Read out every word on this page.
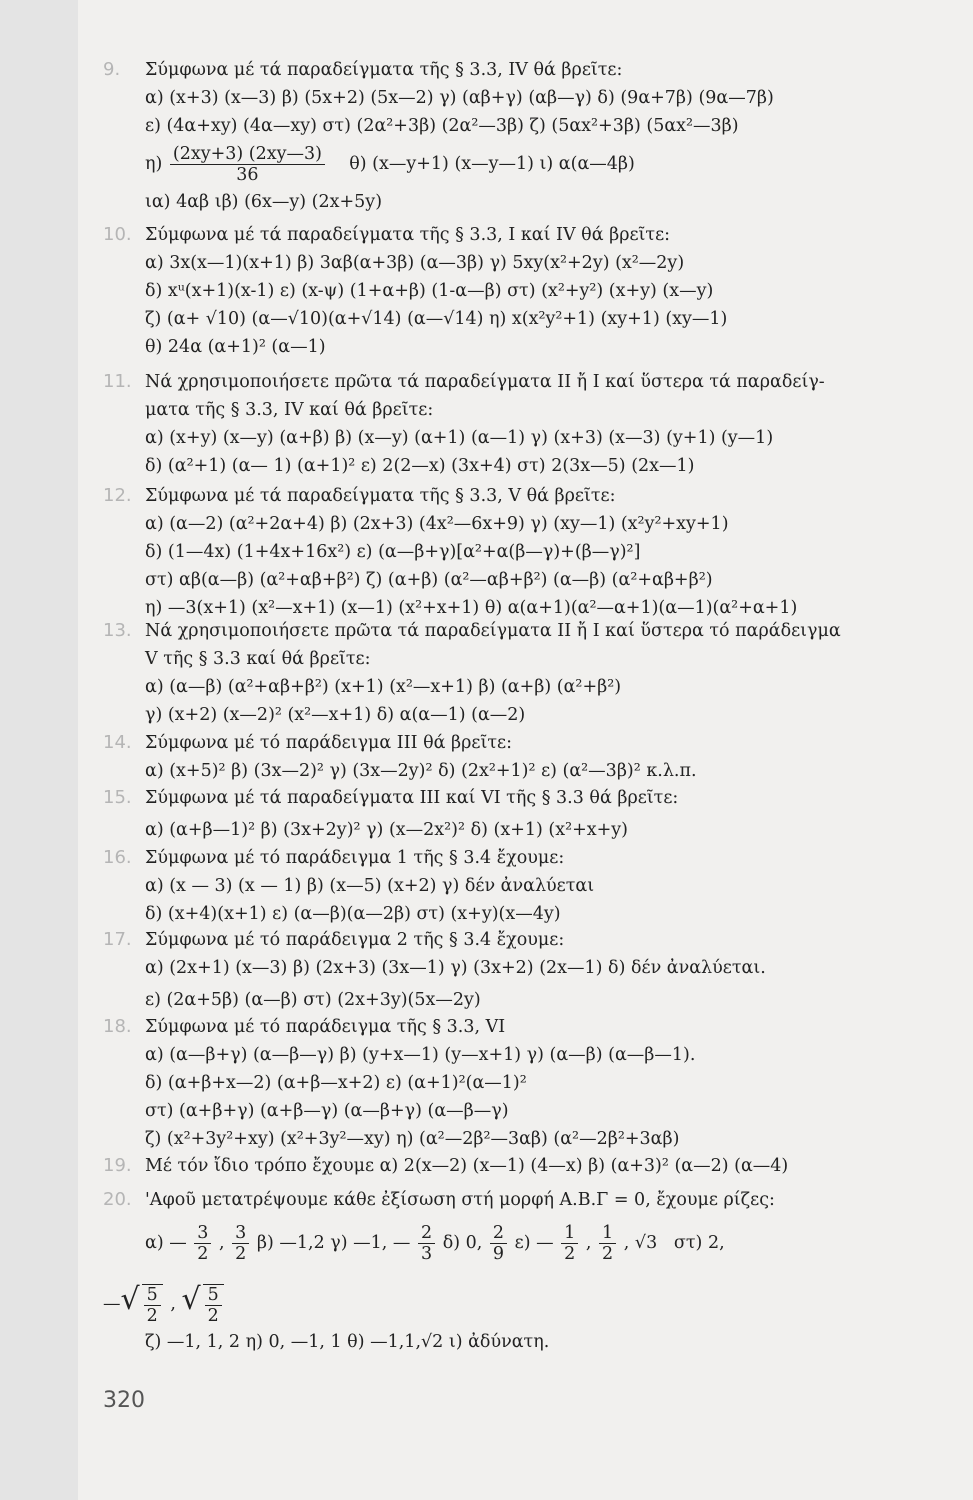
9.	Σύμφωνα μέ τά παραδείγματα τῆς § 3.3, IV θά βρεῖτε:
α) (x+3) (x—3) β) (5x+2) (5x—2) γ) (αβ+γ) (αβ—γ) δ) (9α+7β) (9α—7β)
ε) (4α+xy) (4α—xy) στ) (2α²+3β) (2α²—3β) ζ) (5αx²+3β) (5αx²—3β)
$\eta) \frac{(2xy+3) (2xy—3)}{36} \theta$) (x—y+1) (x—y—1) ι) α(α—4β)
ια) 4αβ ιβ) (6x—y) (2x+5y)
10. Σύμφωνα μέ τά παραδείγματα τῆς § 3.3, I καί IV θά βρεῖτε:
α) 3x(x—1)(x+1) β) 3αβ(α+3β) (α—3β) γ) 5xy(x²+2y) (x²—2y)
δ) xᵘ(x+1)(x-1) ε) (x-ψ) (1+α+β) (1-α—β) στ) (x²+y²) (x+y) (x—y)
ζ) (α+ √10) (α—√10)(α+√14) (α—√14) η) x(x²y²+1) (xy+1) (xy—1)
θ) 24α (α+1)² (α—1)
11. Νά χρησιμοποιήσετε πρῶτα τά παραδείγματα II ἤ I καί ὕστερα τά παραδείγ-
ματα τῆς § 3.3, IV καί θά βρεῖτε:
α) (x+y) (x—y) (α+β) β) (x—y) (α+1) (α—1) γ) (x+3) (x—3) (y+1) (y—1)
δ) (α²+1) (α— 1) (α+1)² ε) 2(2—x) (3x+4) στ) 2(3x—5) (2x—1)
12. Σύμφωνα μέ τά παραδείγματα τῆς § 3.3, V θά βρεῖτε:
α) (α—2) (α²+2α+4) β) (2x+3) (4x²—6x+9) γ) (xy—1) (x²y²+xy+1)
δ) (1—4x) (1+4x+16x²) ε) (α—β+γ)[α²+α(β—γ)+(β—γ)²]
στ) αβ(α—β) (α²+αβ+β²) ζ) (α+β) (α²—αβ+β²) (α—β) (α²+αβ+β²)
η) —3(x+1) (x²—x+1) (x—1) (x²+x+1) θ) α(α+1)(α²—α+1)(α—1)(α²+α+1)
13. Νά χρησιμοποιήσετε πρῶτα τά παραδείγματα II ἤ I καί ὕστερα τό παράδειγμα
V τῆς § 3.3 καί θά βρεῖτε:
α) (α—β) (α²+αβ+β²) (x+1) (x²—x+1) β) (α+β) (α²+β²)
γ) (x+2) (x—2)² (x²—x+1) δ) α(α—1) (α—2)
14. Σύμφωνα μέ τό παράδειγμα III θά βρεῖτε:
α) (x+5)² β) (3x—2)² γ) (3x—2y)² δ) (2x²+1)² ε) (α²—3β)² κ.λ.π.
15. Σύμφωνα μέ τά παραδείγματα III καί VI τῆς § 3.3 θά βρεῖτε:
α) (α+β—1)² β) (3x+2y)² γ) (x—2x²)² δ) (x+1) (x²+x+y)
16. Σύμφωνα μέ τό παράδειγμα 1 τῆς § 3.4 ἔχουμε:
α) (x — 3) (x — 1) β) (x—5) (x+2) γ) δέν ἀναλύεται
δ) (x+4)(x+1) ε) (α—β)(α—2β) στ) (x+y)(x—4y)
17. Σύμφωνα μέ τό παράδειγμα 2 τῆς § 3.4 ἔχουμε:
α) (2x+1) (x—3) β) (2x+3) (3x—1) γ) (3x+2) (2x—1) δ) δέν ἀναλύεται.
ε) (2α+5β) (α—β) στ) (2x+3y)(5x—2y)
18. Σύμφωνα μέ τό παράδειγμα τῆς § 3.3, VI
α) (α—β+γ) (α—β—γ) β) (y+x—1) (y—x+1) γ) (α—β) (α—β—1).
δ) (α+β+x—2) (α+β—x+2) ε) (α+1)²(α—1)²
στ) (α+β+γ) (α+β—γ) (α—β+γ) (α—β—γ)
ζ) (x²+3y²+xy) (x²+3y²—xy) η) (α²—2β²—3αβ) (α²—2β²+3αβ)
19. Μέ τόν ἴδιο τρόπο ἔχουμε α) 2(x—2) (x—1) (4—x) β) (α+3)² (α—2) (α—4)
20. 'Αφοῦ μετατρέψουμε κάθε ἐξίσωση στή μορφή Α.Β.Γ = 0, ἔχουμε ρίζες:
α) — $\frac{3}{2}$ , $\frac{3}{2} \beta$) —1,2 γ) —1, — $\frac{2}{3} \delta$) 0, $\frac{2}{9} \varepsilon$) — $\frac{1}{2}$ , $\frac{1}{2}$ , √3 στ) 2,
—√ $\frac{5}{2}$ , √ $\frac{5}{2}$
ζ) —1, 1, 2 η) 0, —1, 1 θ) —1,1,√2 ι) ἀδύνατη.
320
